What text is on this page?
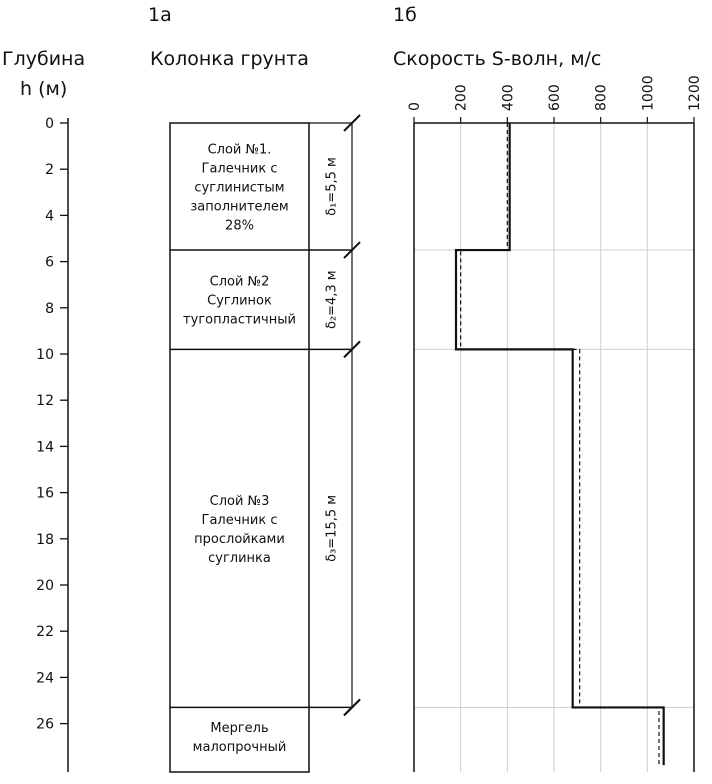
1a	1б
Глубина
h (м)
Колонка грунта	Скорость S-волн, м/с
0
2
4
6
8
10
12
14
16
18
20
22
24
26
Слой №1.
Галечник с
суглинистым
заполнителем
28%
δ₁=5,5 м
Слой №2
Суглинок
тугопластичный δ₂=4,3 м
Слой №3
Галечник с
прослойками
суглинка	δ₃=15,5 м
Мергель
малопрочный
0 200 400 600 800 1000 1200
